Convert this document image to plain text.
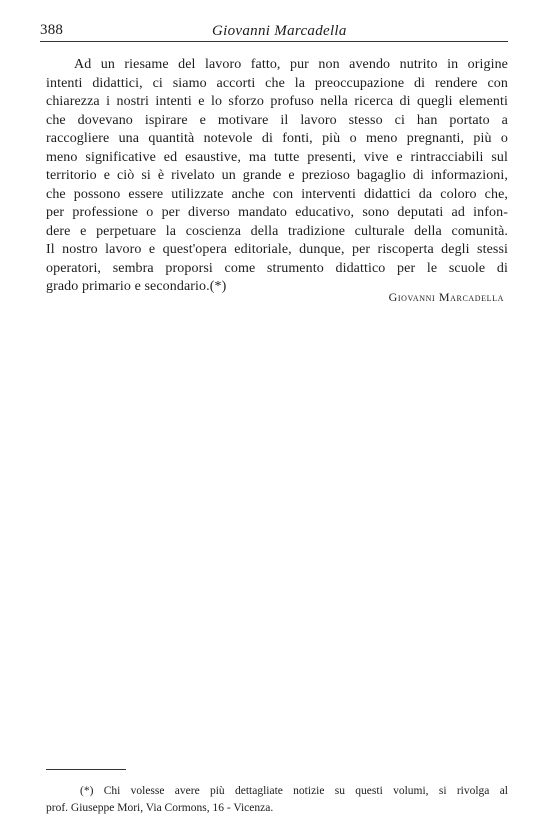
388	Giovanni Marcadella
Ad un riesame del lavoro fatto, pur non avendo nutrito in origine
intenti didattici, ci siamo accorti che la preoccupazione di rendere con
chiarezza i nostri intenti e lo sforzo profuso nella ricerca di quegli elementi
che dovevano ispirare e motivare il lavoro stesso ci han portato a
raccogliere una quantità notevole di fonti, più o meno pregnanti, più o
meno significative ed esaustive, ma tutte presenti, vive e rintracciabili sul
territorio e ciò si è rivelato un grande e prezioso bagaglio di informazioni,
che possono essere utilizzate anche con interventi didattici da coloro che,
per professione o per diverso mandato educativo, sono deputati ad infon-
dere e perpetuare la coscienza della tradizione culturale della comunità.
Il nostro lavoro e quest'opera editoriale, dunque, per riscoperta degli stessi
operatori, sembra proporsi come strumento didattico per le scuole di
grado primario e secondario.(*)
Giovanni Marcadella
(*) Chi volesse avere più dettagliate notizie su questi volumi, si rivolga al
prof. Giuseppe Mori, Via Cormons, 16 - Vicenza.
